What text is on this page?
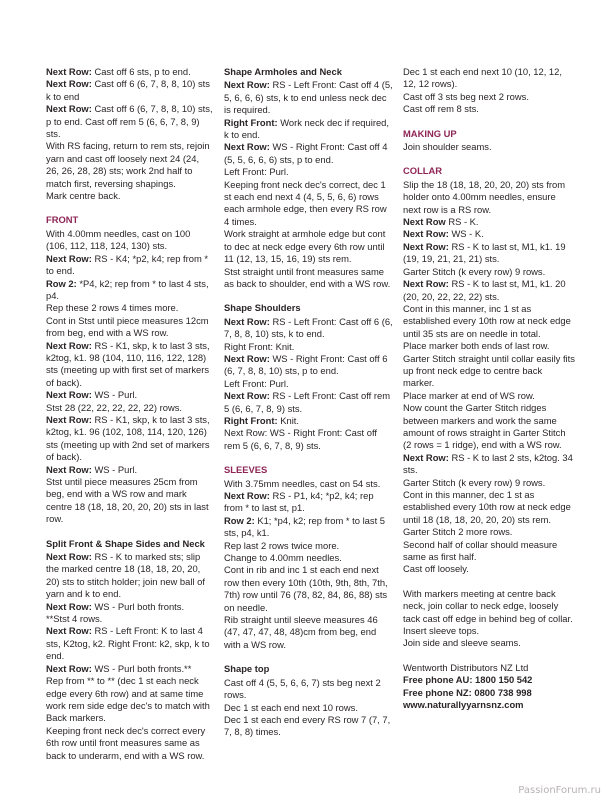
Next Row: Cast off 6 sts, p to end.
Next Row: Cast off 6 (6, 7, 8, 8, 10) sts k to end
Next Row: Cast off 6 (6, 7, 8, 8, 10) sts, p to end. Cast off rem 5 (6, 6, 7, 8, 9) sts.
With RS facing, return to rem sts, rejoin yarn and cast off loosely next 24 (24, 26, 26, 28, 28) sts; work 2nd half to match first, reversing shapings.
Mark centre back.
FRONT
With 4.00mm needles, cast on 100 (106, 112, 118, 124, 130) sts.
Next Row: RS - K4; *p2, k4; rep from * to end.
Row 2: *P4, k2; rep from * to last 4 sts, p4.
Rep these 2 rows 4 times more.
Cont in Stst until piece measures 12cm from beg, end with a WS row.
Next Row: RS - K1, skp, k to last 3 sts, k2tog, k1. 98 (104, 110, 116, 122, 128) sts (meeting up with first set of markers of back).
Next Row: WS - Purl.
Stst 28 (22, 22, 22, 22, 22) rows.
Next Row: RS - K1, skp, k to last 3 sts, k2tog, k1. 96 (102, 108, 114, 120, 126) sts (meeting up with 2nd set of markers of back).
Next Row: WS - Purl.
Stst until piece measures 25cm from beg, end with a WS row and mark centre 18 (18, 18, 20, 20, 20) sts in last row.
Split Front & Shape Sides and Neck
Next Row: RS - K to marked sts; slip the marked centre 18 (18, 18, 20, 20, 20) sts to stitch holder; join new ball of yarn and k to end.
Next Row: WS - Purl both fronts.
**Stst 4 rows.
Next Row: RS - Left Front: K to last 4 sts, K2tog, k2. Right Front: k2, skp, k to end.
Next Row: WS - Purl both fronts.**
Rep from ** to ** (dec 1 st each neck edge every 6th row) and at same time work rem side edge dec's to match with Back markers.
Keeping front neck dec's correct every 6th row until front measures same as back to underarm, end with a WS row.
Shape Armholes and Neck
Next Row: RS - Left Front: Cast off 4 (5, 5, 6, 6, 6) sts, k to end unless neck dec is required.
Right Front: Work neck dec if required, k to end.
Next Row: WS - Right Front: Cast off 4 (5, 5, 6, 6, 6) sts, p to end.
Left Front: Purl.
Keeping front neck dec's correct, dec 1 st each end next 4 (4, 5, 5, 6, 6) rows each armhole edge, then every RS row 4 times.
Work straight at armhole edge but cont to dec at neck edge every 6th row until 11 (12, 13, 15, 16, 19) sts rem.
Stst straight until front measures same as back to shoulder, end with a WS row.
Shape Shoulders
Next Row: RS - Left Front: Cast off 6 (6, 7, 8, 8, 10) sts, k to end.
Right Front: Knit.
Next Row: WS - Right Front: Cast off 6 (6, 7, 8, 8, 10) sts, p to end.
Left Front: Purl.
Next Row: RS - Left Front: Cast off rem 5 (6, 6, 7, 8, 9) sts.
Right Front: Knit.
Next Row: WS - Right Front: Cast off rem 5 (6, 6, 7, 8, 9) sts.
SLEEVES
With 3.75mm needles, cast on 54 sts.
Next Row: RS - P1, k4; *p2, k4; rep from * to last st, p1.
Row 2: K1; *p4, k2; rep from * to last 5 sts, p4, k1.
Rep last 2 rows twice more.
Change to 4.00mm needles.
Cont in rib and inc 1 st each end next row then every 10th (10th, 9th, 8th, 7th, 7th) row until 76 (78, 82, 84, 86, 88) sts on needle.
Rib straight until sleeve measures 46 (47, 47, 47, 48, 48)cm from beg, end with a WS row.
Shape top
Cast off 4 (5, 5, 6, 6, 7) sts beg next 2 rows.
Dec 1 st each end next 10 rows.
Dec 1 st each end every RS row 7 (7, 7, 7, 8, 8) times.
Dec 1 st each end next 10 (10, 12, 12, 12, 12 rows).
Cast off 3 sts beg next 2 rows.
Cast off rem 8 sts.
MAKING UP
Join shoulder seams.
COLLAR
Slip the 18 (18, 18, 20, 20, 20) sts from holder onto 4.00mm needles, ensure next row is a RS row.
Next Row RS - K.
Next Row: WS - K.
Next Row: RS - K to last st, M1, k1. 19 (19, 19, 21, 21, 21) sts.
Garter Stitch (k every row) 9 rows.
Next Row: RS - K to last st, M1, k1. 20 (20, 20, 22, 22, 22) sts.
Cont in this manner, inc 1 st as established every 10th row at neck edge until 35 sts are on needle in total.
Place marker both ends of last row.
Garter Stitch straight until collar easily fits up front neck edge to centre back marker.
Place marker at end of WS row.
Now count the Garter Stitch ridges between markers and work the same amount of rows straight in Garter Stitch (2 rows = 1 ridge), end with a WS row.
Next Row: RS - K to last 2 sts, k2tog. 34 sts.
Garter Stitch (k every row) 9 rows.
Cont in this manner, dec 1 st as established every 10th row at neck edge until 18 (18, 18, 20, 20, 20) sts rem.
Garter Stitch 2 more rows.
Second half of collar should measure same as first half.
Cast off loosely.
With markers meeting at centre back neck, join collar to neck edge, loosely tack cast off edge in behind beg of collar.
Insert sleeve tops.
Join side and sleeve seams.
Wentworth Distributors NZ Ltd
Free phone AU: 1800 150 542
Free phone NZ: 0800 738 998
www.naturallyyarnsnz.com
PassionForum.ru
